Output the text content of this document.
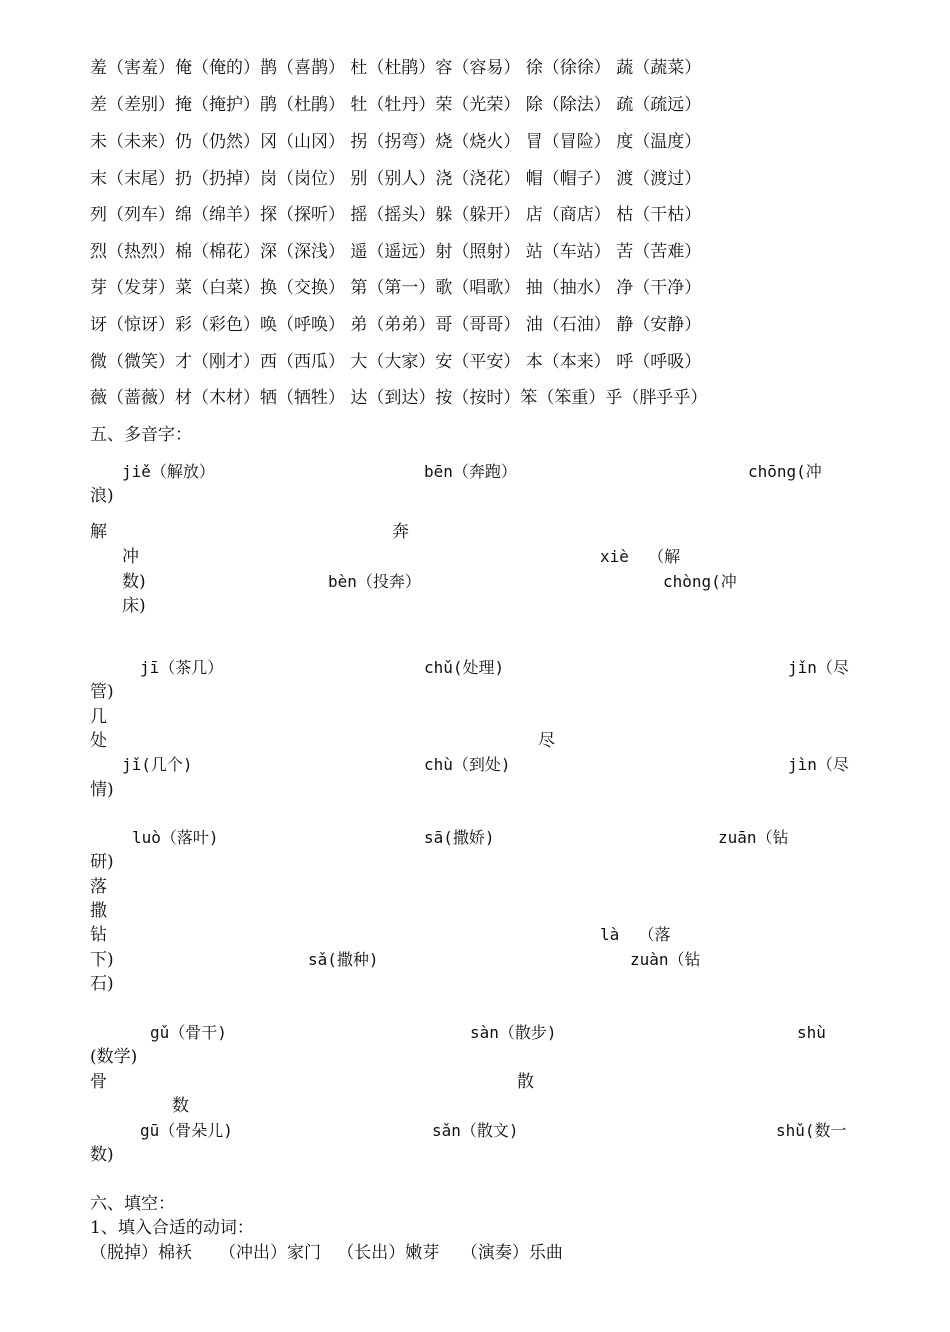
羞（害羞）俺（俺的）鹊（喜鹊） 杜（杜鹃）容（容易） 徐（徐徐） 蔬（蔬菜）
差（差别）掩（掩护）鹃（杜鹃） 牡（牡丹）荣（光荣） 除（除法） 疏（疏远）
未（未来）仍（仍然）冈（山冈） 拐（拐弯）烧（烧火） 冒（冒险） 度（温度）
末（末尾）扔（扔掉）岗（岗位） 别（别人）浇（浇花） 帽（帽子） 渡（渡过）
列（列车）绵（绵羊）探（探听） 摇（摇头）躲（躲开） 店（商店） 枯（干枯）
烈（热烈）棉（棉花）深（深浅） 遥（遥远）射（照射） 站（车站） 苦（苦难）
芽（发芽）菜（白菜）换（交换） 第（第一）歌（唱歌） 抽（抽水） 净（干净）
讶（惊讶）彩（彩色）唤（呼唤） 弟（弟弟）哥（哥哥） 油（石油） 静（安静）
微（微笑）才（刚才）西（西瓜） 大（大家）安（平安） 本（本来） 呼（呼吸）
薇（蔷薇）材（木材）牺（牺牲） 达（到达）按（按时）笨（笨重）乎（胖乎乎）
五、多音字：
jiě（解放）	bēn（奔跑）	chōng(冲
浪)
解	奔
冲	xiè  （解
数)	bèn（投奔）	chòng(冲
床)
jī（茶几）	chǔ(处理)	jǐn（尽
管)
几
处	尽
jǐ(几个)	chù（到处)	jìn（尽
情)
luò（落叶)	sā(撒娇)	zuān（钻
研)
落
撒
钻	là  （落
下)	sǎ(撒种)	zuàn（钻
石)
gǔ（骨干)	sàn（散步)	shù
(数学)
骨	散
数
gū（骨朵儿)	sǎn（散文)	shǔ(数一
数)
六、填空：
1、填入合适的动词：
（脱掉）棉袄     （冲出）家门   （长出）嫩芽    （演奏）乐曲
